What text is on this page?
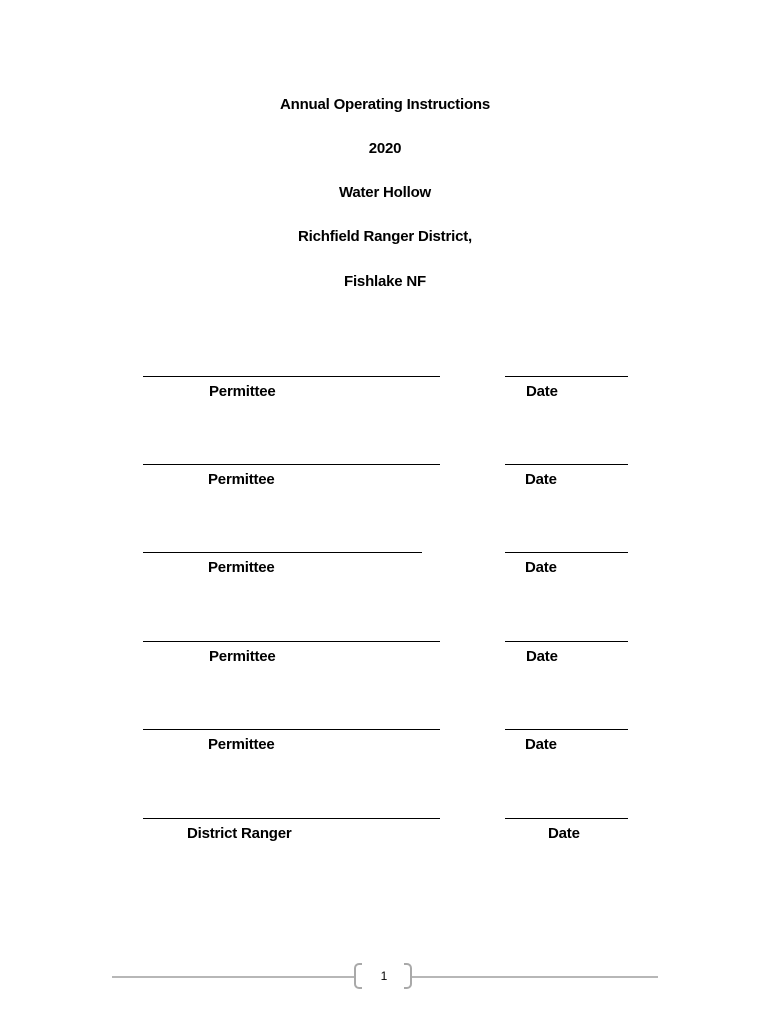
Annual Operating Instructions
2020
Water Hollow
Richfield Ranger District,
Fishlake NF
Permittee	Date
Permittee	Date
Permittee	Date
Permittee	Date
Permittee	Date
District Ranger	Date
1
